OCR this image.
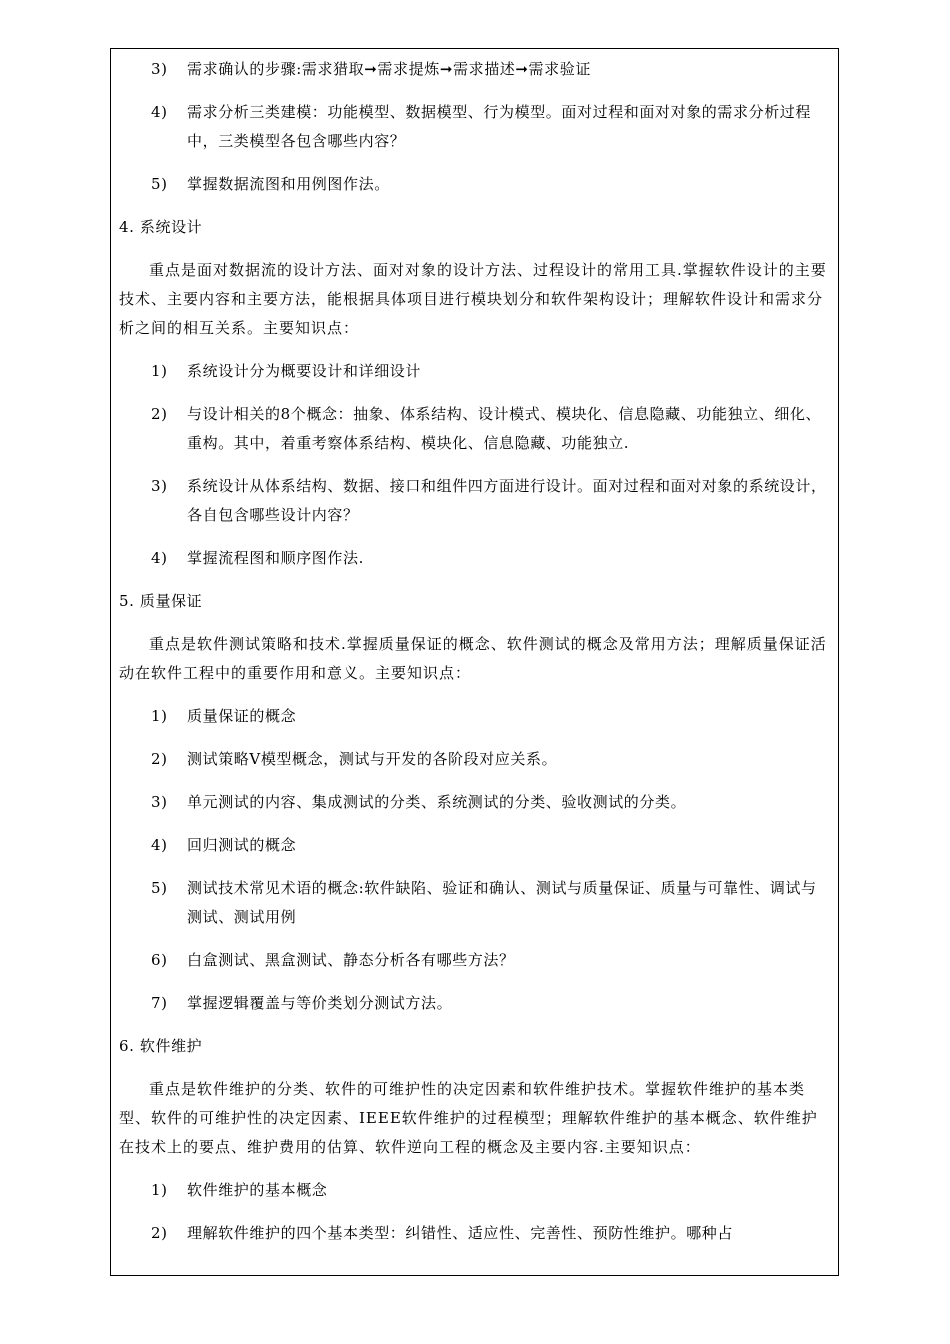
3) 需求确认的步骤:需求猎取➞需求提炼➞需求描述➞需求验证
4) 需求分析三类建模：功能模型、数据模型、行为模型。面对过程和面对对象的需求分析过程中，三类模型各包含哪些内容？
5) 掌握数据流图和用例图作法。
4. 系统设计
重点是面对数据流的设计方法、面对对象的设计方法、过程设计的常用工具.掌握软件设计的主要技术、主要内容和主要方法，能根据具体项目进行模块划分和软件架构设计；理解软件设计和需求分析之间的相互关系。主要知识点：
1) 系统设计分为概要设计和详细设计
2) 与设计相关的8个概念：抽象、体系结构、设计模式、模块化、信息隐藏、功能独立、细化、重构。其中，着重考察体系结构、模块化、信息隐藏、功能独立.
3) 系统设计从体系结构、数据、接口和组件四方面进行设计。面对过程和面对对象的系统设计，各自包含哪些设计内容？
4) 掌握流程图和顺序图作法.
5. 质量保证
重点是软件测试策略和技术.掌握质量保证的概念、软件测试的概念及常用方法；理解质量保证活动在软件工程中的重要作用和意义。主要知识点：
1) 质量保证的概念
2) 测试策略V模型概念，测试与开发的各阶段对应关系。
3) 单元测试的内容、集成测试的分类、系统测试的分类、验收测试的分类。
4) 回归测试的概念
5) 测试技术常见术语的概念:软件缺陷、验证和确认、测试与质量保证、质量与可靠性、调试与测试、测试用例
6) 白盒测试、黑盒测试、静态分析各有哪些方法？
7) 掌握逻辑覆盖与等价类划分测试方法。
6. 软件维护
重点是软件维护的分类、软件的可维护性的决定因素和软件维护技术。掌握软件维护的基本类型、软件的可维护性的决定因素、IEEE软件维护的过程模型；理解软件维护的基本概念、软件维护在技术上的要点、维护费用的估算、软件逆向工程的概念及主要内容.主要知识点：
1) 软件维护的基本概念
2) 理解软件维护的四个基本类型：纠错性、适应性、完善性、预防性维护。哪种占
